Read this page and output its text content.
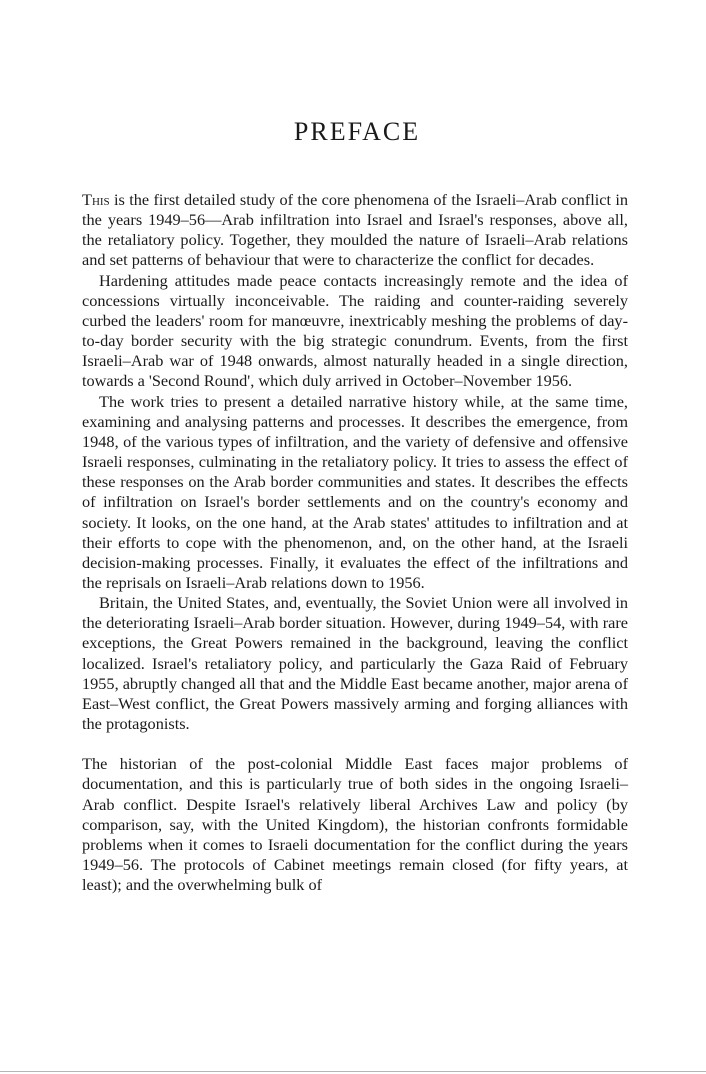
PREFACE

This is the first detailed study of the core phenomena of the Israeli–Arab conflict in the years 1949–56—Arab infiltration into Israel and Israel's responses, above all, the retaliatory policy. Together, they moulded the nature of Israeli–Arab relations and set patterns of behaviour that were to characterize the conflict for decades.

Hardening attitudes made peace contacts increasingly remote and the idea of concessions virtually inconceivable. The raiding and counter-raiding severely curbed the leaders' room for manœuvre, inextricably meshing the problems of day-to-day border security with the big strategic conundrum. Events, from the first Israeli–Arab war of 1948 onwards, almost naturally headed in a single direction, towards a 'Second Round', which duly arrived in October–November 1956.

The work tries to present a detailed narrative history while, at the same time, examining and analysing patterns and processes. It describes the emergence, from 1948, of the various types of infiltration, and the variety of defensive and offensive Israeli responses, culminating in the retaliatory policy. It tries to assess the effect of these responses on the Arab border communities and states. It describes the effects of infiltration on Israel's border settlements and on the country's economy and society. It looks, on the one hand, at the Arab states' attitudes to infiltration and at their efforts to cope with the phenomenon, and, on the other hand, at the Israeli decision-making processes. Finally, it evaluates the effect of the infiltrations and the reprisals on Israeli–Arab relations down to 1956.

Britain, the United States, and, eventually, the Soviet Union were all involved in the deteriorating Israeli–Arab border situation. However, during 1949–54, with rare exceptions, the Great Powers remained in the background, leaving the conflict localized. Israel's retaliatory policy, and particularly the Gaza Raid of February 1955, abruptly changed all that and the Middle East became another, major arena of East–West conflict, the Great Powers massively arming and forging alliances with the protagonists.

The historian of the post-colonial Middle East faces major problems of documentation, and this is particularly true of both sides in the ongoing Israeli–Arab conflict. Despite Israel's relatively liberal Archives Law and policy (by comparison, say, with the United Kingdom), the historian confronts formidable problems when it comes to Israeli documentation for the conflict during the years 1949–56. The protocols of Cabinet meetings remain closed (for fifty years, at least); and the overwhelming bulk of
